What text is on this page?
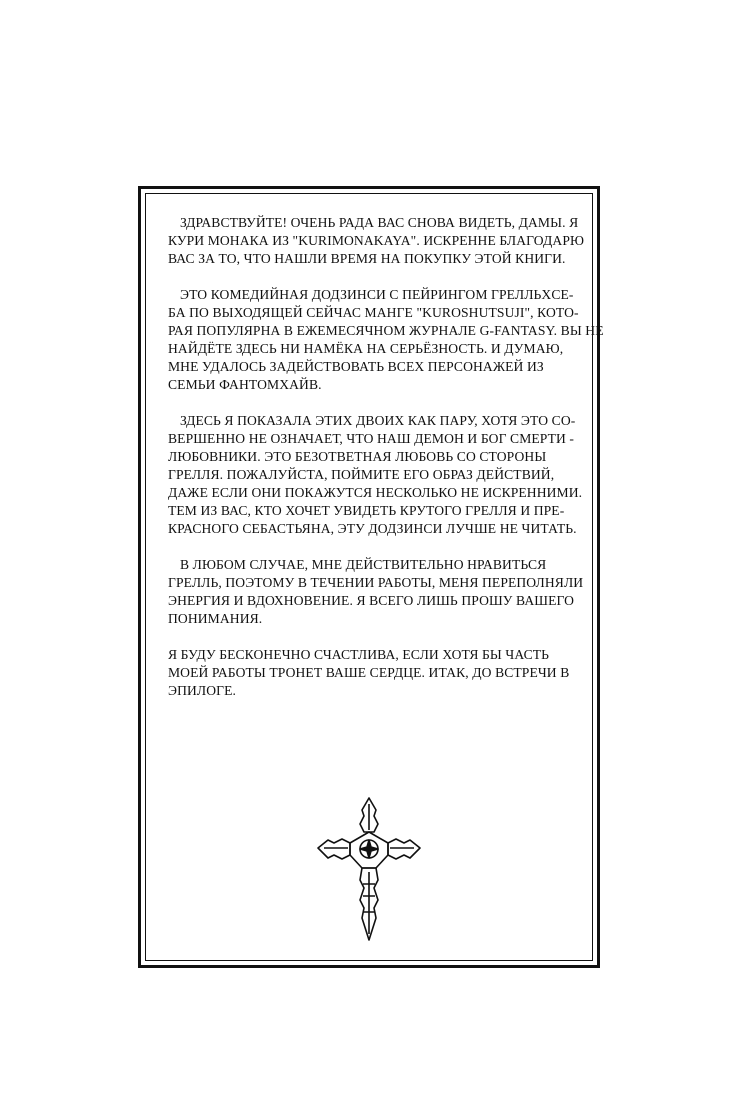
ЗДРАВСТВУЙТЕ! ОЧЕНЬ РАДА ВАС СНОВА ВИДЕТЬ, ДАМЫ. Я
КУРИ МОНАКА ИЗ "KURIMONAKAYA". ИСКРЕННЕ БЛАГОДАРЮ
ВАС ЗА ТО, ЧТО НАШЛИ ВРЕМЯ НА ПОКУПКУ ЭТОЙ КНИГИ.

ЭТО КОМЕДИЙНАЯ ДОДЗИНСИ С ПЕЙРИНГОМ ГРЕЛЛЬXСЕ-
БА ПО ВЫХОДЯЩЕЙ СЕЙЧАС МАНГЕ "KUROSHUTSUJI", КОТО-
РАЯ ПОПУЛЯРНА В ЕЖЕМЕСЯЧНОМ ЖУРНАЛЕ G-FANTASY. ВЫ НЕ
НАЙДЁТЕ ЗДЕСЬ НИ НАМЁКА НА СЕРЬЁЗНОСТЬ. И ДУМАЮ,
МНЕ УДАЛОСЬ ЗАДЕЙСТВОВАТЬ ВСЕХ ПЕРСОНАЖЕЙ ИЗ
СЕМЬИ ФАНТОМХАЙВ.

ЗДЕСЬ Я ПОКАЗАЛА ЭТИХ ДВОИХ КАК ПАРУ, ХОТЯ ЭТО СО-
ВЕРШЕННО НЕ ОЗНАЧАЕТ, ЧТО НАШ ДЕМОН И БОГ СМЕРТИ -
ЛЮБОВНИКИ. ЭТО БЕЗОТВЕТНАЯ ЛЮБОВЬ СО СТОРОНЫ
ГРЕЛЛЯ. ПОЖАЛУЙСТА, ПОЙМИТЕ ЕГО ОБРАЗ ДЕЙСТВИЙ,
ДАЖЕ ЕСЛИ ОНИ ПОКАЖУТСЯ НЕСКОЛЬКО НЕ ИСКРЕННИМИ.
ТЕМ ИЗ ВАС, КТО ХОЧЕТ УВИДЕТЬ КРУТОГО ГРЕЛЛЯ И ПРЕ-
КРАСНОГО СЕБАСТЬЯНА, ЭТУ ДОДЗИНСИ ЛУЧШЕ НЕ ЧИТАТЬ.

В ЛЮБОМ СЛУЧАЕ, МНЕ ДЕЙСТВИТЕЛЬНО НРАВИТЬСЯ
ГРЕЛЛЬ, ПОЭТОМУ В ТЕЧЕНИИ РАБОТЫ, МЕНЯ ПЕРЕПОЛНЯЛИ
ЭНЕРГИЯ И ВДОХНОВЕНИЕ. Я ВСЕГО ЛИШЬ ПРОШУ ВАШЕГО
ПОНИМАНИЯ.

Я БУДУ БЕСКОНЕЧНО СЧАСТЛИВА, ЕСЛИ ХОТЯ БЫ ЧАСТЬ
МОЕЙ РАБОТЫ ТРОНЕТ ВАШЕ СЕРДЦЕ. ИТАК, ДО ВСТРЕЧИ В
ЭПИЛОГЕ.
